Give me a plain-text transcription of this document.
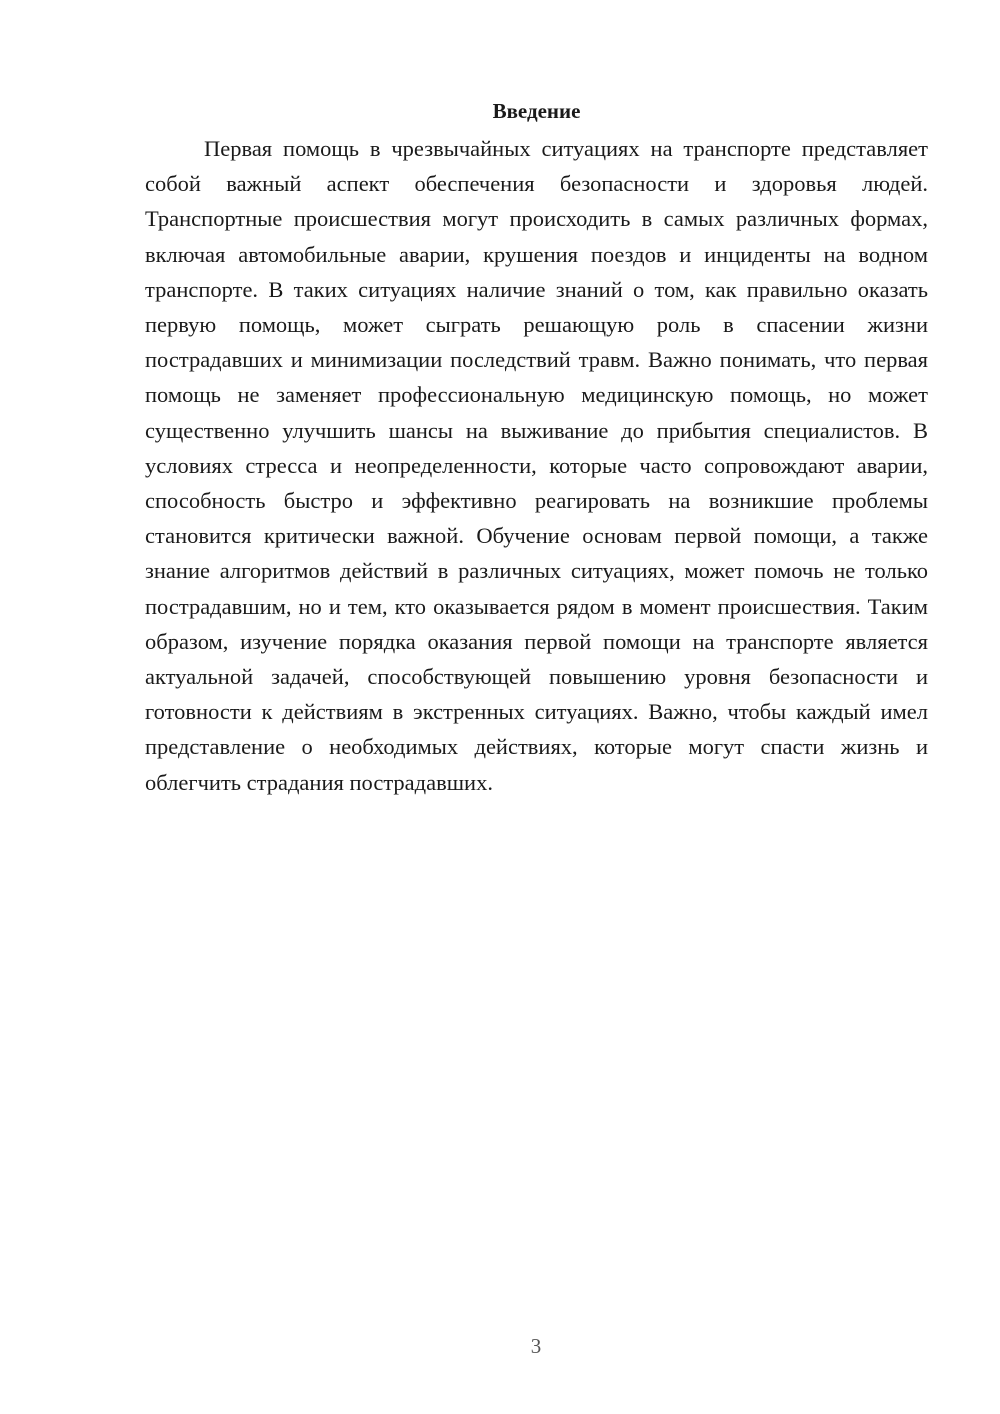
Введение

Первая помощь в чрезвычайных ситуациях на транспорте представляет собой важный аспект обеспечения безопасности и здоровья людей. Транспортные происшествия могут происходить в самых различных формах, включая автомобильные аварии, крушения поездов и инциденты на водном транспорте. В таких ситуациях наличие знаний о том, как правильно оказать первую помощь, может сыграть решающую роль в спасении жизни пострадавших и минимизации последствий травм. Важно понимать, что первая помощь не заменяет профессиональную медицинскую помощь, но может существенно улучшить шансы на выживание до прибытия специалистов. В условиях стресса и неопределенности, которые часто сопровождают аварии, способность быстро и эффективно реагировать на возникшие проблемы становится критически важной. Обучение основам первой помощи, а также знание алгоритмов действий в различных ситуациях, может помочь не только пострадавшим, но и тем, кто оказывается рядом в момент происшествия. Таким образом, изучение порядка оказания первой помощи на транспорте является актуальной задачей, способствующей повышению уровня безопасности и готовности к действиям в экстренных ситуациях. Важно, чтобы каждый имел представление о необходимых действиях, которые могут спасти жизнь и облегчить страдания пострадавших.

3
